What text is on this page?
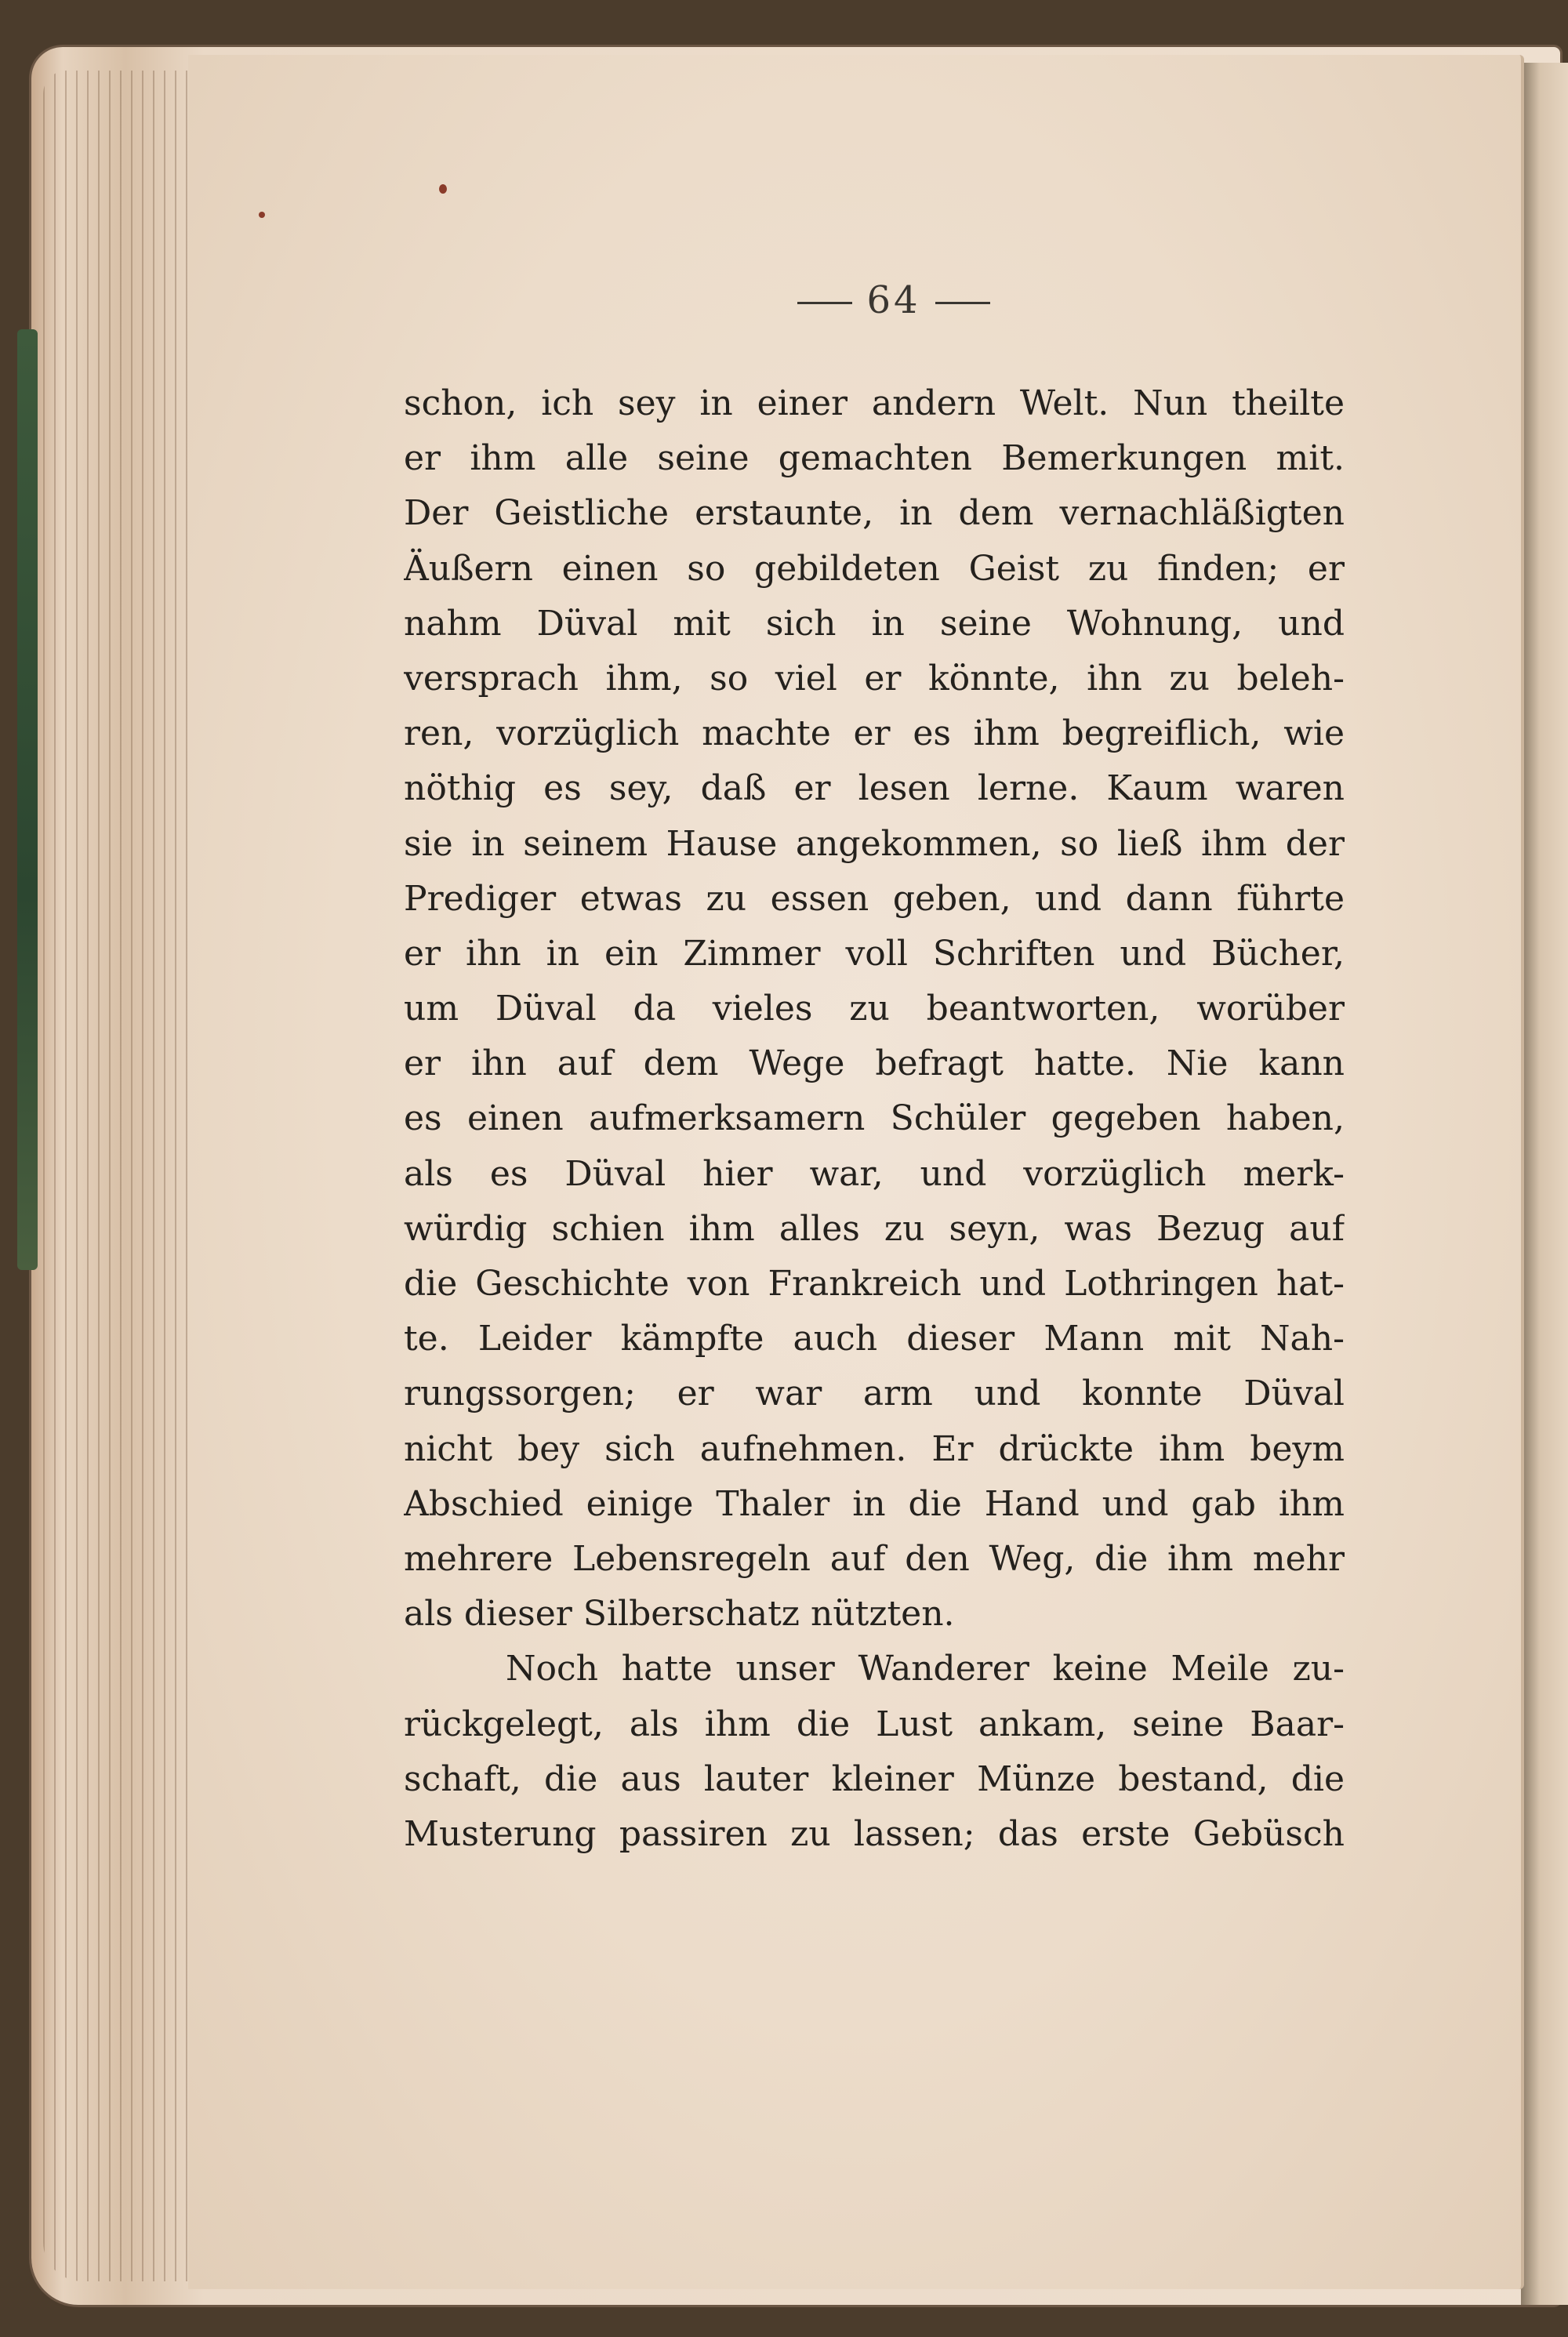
64
schon, ich sey in einer andern Welt. Nun theilte
er ihm alle seine gemachten Bemerkungen mit.
Der Geistliche erstaunte, in dem vernachläßigten
Äußern einen so gebildeten Geist zu finden; er
nahm Düval mit sich in seine Wohnung, und
versprach ihm, so viel er könnte, ihn zu beleh-
ren, vorzüglich machte er es ihm begreiflich, wie
nöthig es sey, daß er lesen lerne. Kaum waren
sie in seinem Hause angekommen, so ließ ihm der
Prediger etwas zu essen geben, und dann führte
er ihn in ein Zimmer voll Schriften und Bücher,
um Düval da vieles zu beantworten, worüber
er ihn auf dem Wege befragt hatte. Nie kann
es einen aufmerksamern Schüler gegeben haben,
als es Düval hier war, und vorzüglich merk-
würdig schien ihm alles zu seyn, was Bezug auf
die Geschichte von Frankreich und Lothringen hat-
te. Leider kämpfte auch dieser Mann mit Nah-
rungssorgen; er war arm und konnte Düval
nicht bey sich aufnehmen. Er drückte ihm beym
Abschied einige Thaler in die Hand und gab ihm
mehrere Lebensregeln auf den Weg, die ihm mehr
als dieser Silberschatz nützten.
Noch hatte unser Wanderer keine Meile zu-
rückgelegt, als ihm die Lust ankam, seine Baar-
schaft, die aus lauter kleiner Münze bestand, die
Musterung passiren zu lassen; das erste Gebüsch
